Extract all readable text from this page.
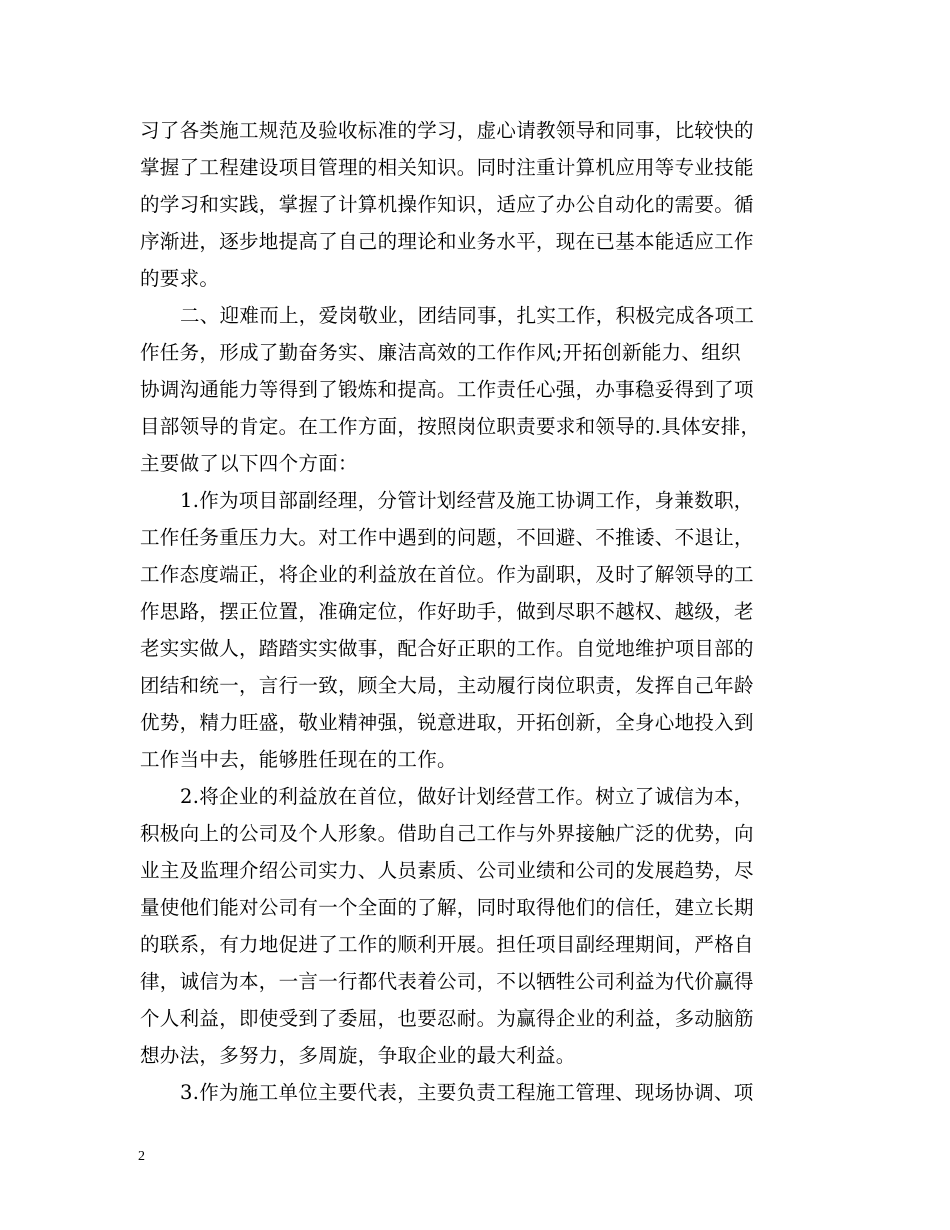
习了各类施工规范及验收标准的学习，虚心请教领导和同事，比较快的
掌握了工程建设项目管理的相关知识。同时注重计算机应用等专业技能
的学习和实践，掌握了计算机操作知识，适应了办公自动化的需要。循
序渐进，逐步地提高了自己的理论和业务水平，现在已基本能适应工作
的要求。
二、迎难而上，爱岗敬业，团结同事，扎实工作，积极完成各项工
作任务，形成了勤奋务实、廉洁高效的工作作风;开拓创新能力、组织
协调沟通能力等得到了锻炼和提高。工作责任心强，办事稳妥得到了项
目部领导的肯定。在工作方面，按照岗位职责要求和领导的.具体安排，
主要做了以下四个方面：
1.作为项目部副经理，分管计划经营及施工协调工作，身兼数职，
工作任务重压力大。对工作中遇到的问题，不回避、不推诿、不退让，
工作态度端正，将企业的利益放在首位。作为副职，及时了解领导的工
作思路，摆正位置，准确定位，作好助手，做到尽职不越权、越级，老
老实实做人，踏踏实实做事，配合好正职的工作。自觉地维护项目部的
团结和统一，言行一致，顾全大局，主动履行岗位职责，发挥自己年龄
优势，精力旺盛，敬业精神强，锐意进取，开拓创新，全身心地投入到
工作当中去，能够胜任现在的工作。
2.将企业的利益放在首位，做好计划经营工作。树立了诚信为本，
积极向上的公司及个人形象。借助自己工作与外界接触广泛的优势，向
业主及监理介绍公司实力、人员素质、公司业绩和公司的发展趋势，尽
量使他们能对公司有一个全面的了解，同时取得他们的信任，建立长期
的联系，有力地促进了工作的顺利开展。担任项目副经理期间，严格自
律，诚信为本，一言一行都代表着公司，不以牺牲公司利益为代价赢得
个人利益，即使受到了委屈，也要忍耐。为赢得企业的利益，多动脑筋
想办法，多努力，多周旋，争取企业的最大利益。
3.作为施工单位主要代表，主要负责工程施工管理、现场协调、项
2
